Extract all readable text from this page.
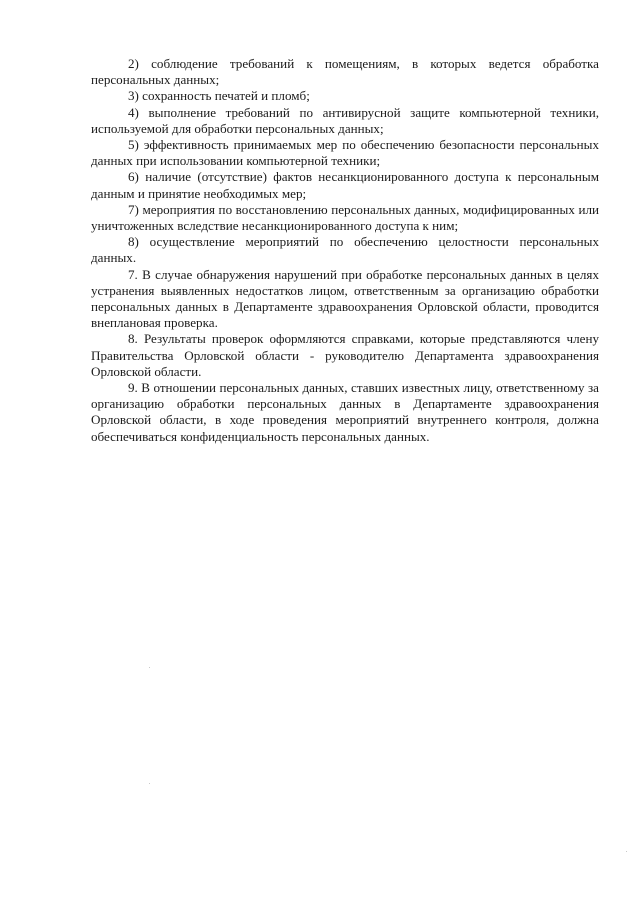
2) соблюдение требований к помещениям, в которых ведется обработка персональных данных;

3) сохранность печатей и пломб;

4) выполнение требований по антивирусной защите компьютерной техники, используемой для обработки персональных данных;

5) эффективность принимаемых мер по обеспечению безопасности персональных данных при использовании компьютерной техники;

6) наличие (отсутствие) фактов несанкционированного доступа к персональным данным и принятие необходимых мер;

7) мероприятия по восстановлению персональных данных, модифицированных или уничтоженных вследствие несанкционированного доступа к ним;

8) осуществление мероприятий по обеспечению целостности персональных данных.

7. В случае обнаружения нарушений при обработке персональных данных в целях устранения выявленных недостатков лицом, ответственным за организацию обработки персональных данных в Департаменте здравоохранения Орловской области, проводится внеплановая проверка.

8. Результаты проверок оформляются справками, которые представляются члену Правительства Орловской области - руководителю Департамента здравоохранения Орловской области.

9. В отношении персональных данных, ставших известных лицу, ответственному за организацию обработки персональных данных в Департаменте здравоохранения Орловской области, в ходе проведения мероприятий внутреннего контроля, должна обеспечиваться конфиденциальность персональных данных.
